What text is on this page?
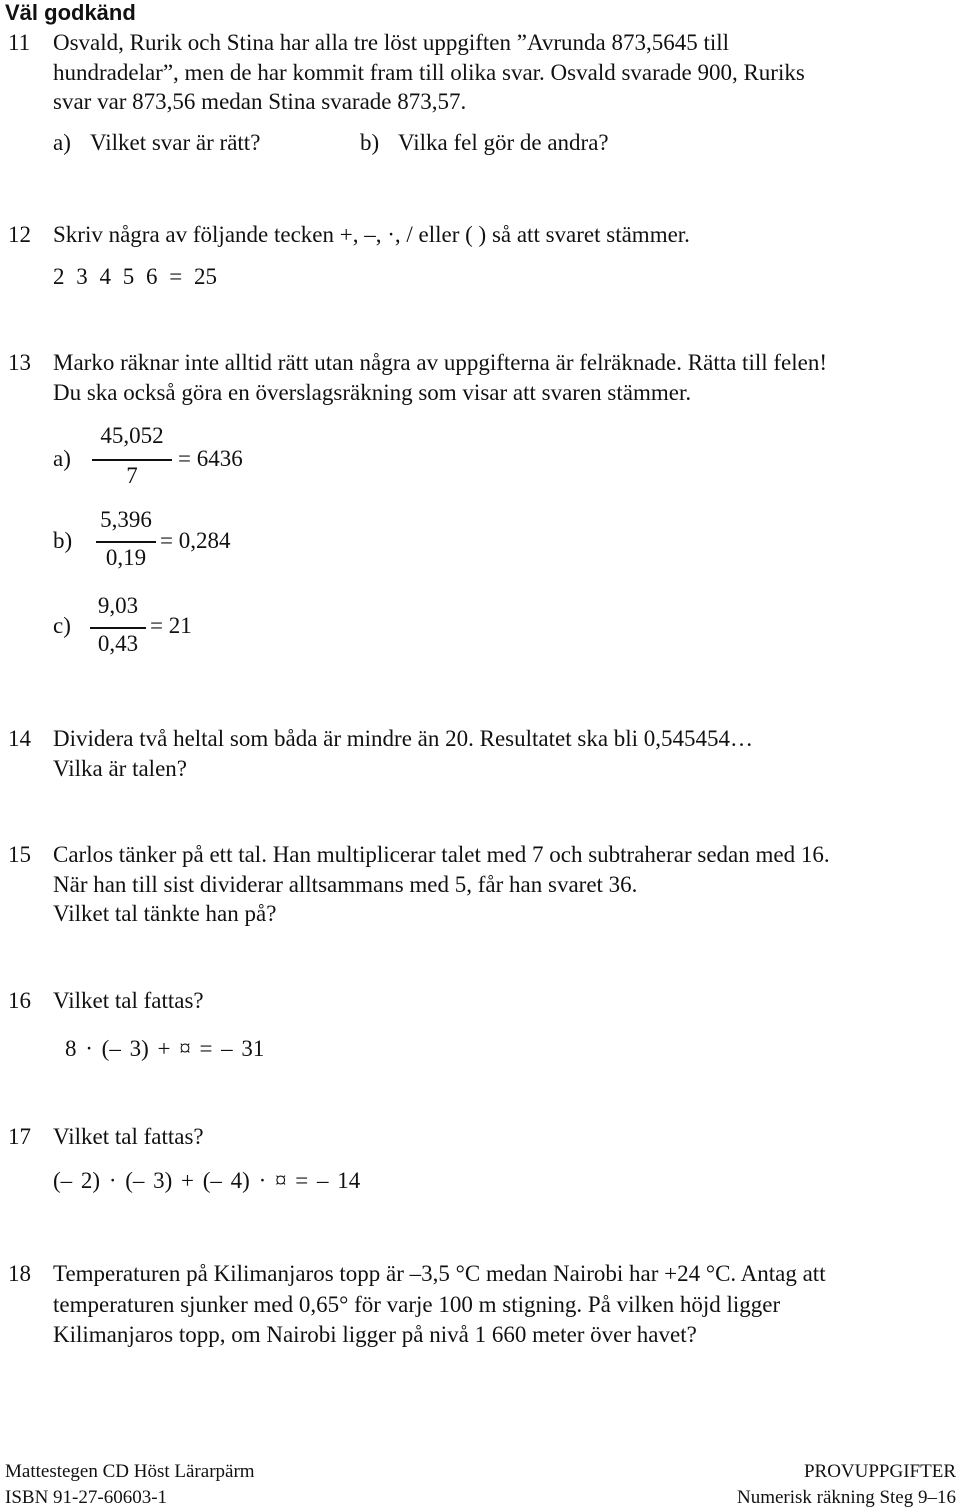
Väl godkänd
11 Osvald, Rurik och Stina har alla tre löst uppgiften ”Avrunda 873,5645 till
hundradelar”, men de har kommit fram till olika svar. Osvald svarade 900, Ruriks
svar var 873,56 medan Stina svarade 873,57.
a) Vilket svar är rätt?	b) Vilka fel gör de andra?
12 Skriv några av följande tecken +, –, ·, / eller ( ) så att svaret stämmer.
2 3 4 5 6 = 25
13 Marko räknar inte alltid rätt utan några av uppgifterna är felräknade. Rätta till felen!
Du ska också göra en överslagsräkning som visar att svaren stämmer.
a)
45,052
7
= 6436
b)
5,396
0,19
= 0,284
c)
9,03
0,43
= 21
14 Dividera två heltal som båda är mindre än 20. Resultatet ska bli 0,545454…
Vilka är talen?
15 Carlos tänker på ett tal. Han multiplicerar talet med 7 och subtraherar sedan med 16.
När han till sist dividerar alltsammans med 5, får han svaret 36.
Vilket tal tänkte han på?
16 Vilket tal fattas?
8 · (– 3) + ¤ = – 31
17 Vilket tal fattas?
(– 2) · (– 3) + (– 4) · ¤ = – 14
18 Temperaturen på Kilimanjaros topp är –3,5 °C medan Nairobi har +24 °C. Antag att
temperaturen sjunker med 0,65° för varje 100 m stigning. På vilken höjd ligger
Kilimanjaros topp, om Nairobi ligger på nivå 1 660 meter över havet?
Mattestegen CD Höst Lärarpärm
ISBN 91-27-60603-1
PROVUPPGIFTER
Numerisk räkning Steg 9–16
